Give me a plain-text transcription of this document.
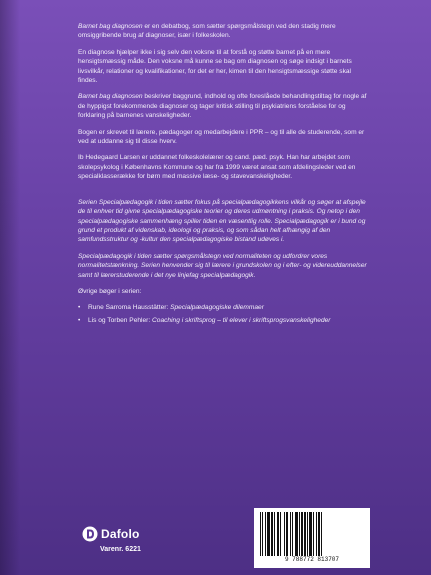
Barnet bag diagnosen er en debatbog, som sætter spørgsmålstegn ved den stadig mere omsiggribende brug af diagnoser, især i folkeskolen.

En diagnose hjælper ikke i sig selv den voksne til at forstå og støtte barnet på en mere hensigtsmæssig måde. Den voksne må kunne se bag om diagnosen og søge indsigt i barnets livsvilkår, relationer og kvalifikationer, for det er her, kimen til den hensigtsmæssige støtte skal findes.

Barnet bag diagnosen beskriver baggrund, indhold og ofte foreslåede behandlingstiltag for nogle af de hyppigst forekommende diagnoser og tager kritisk stilling til psykiatriens forståelse for og forklaring på barnenes vanskeligheder.

Bogen er skrevet til lærere, pædagoger og medarbejdere i PPR – og til alle de studerende, som er ved at uddanne sig til disse hverv.

Ib Hedegaard Larsen er uddannet folkeskolelærer og cand. pæd. psyk. Han har arbejdet som skolepsykolog i Københavns Kommune og har fra 1999 været ansat som afdelingsleder ved en specialklasserække for børn med massive læse- og stavevanskeligheder.

Serien Specialpædagogik i tiden sætter fokus på specialpædagogikkens vilkår og søger at afspejle de til enhver tid givne specialpædagogiske teorier og deres udmøntning i praksis. Og netop i den specialpædagogiske sammenhæng spiller tiden en væsentlig rolle. Specialpædagogik er i bund og grund et produkt af videnskab, ideologi og praksis, og som sådan helt afhængig af den samfundsstruktur og -kultur den specialpædagogiske bistand udøves i.

Specialpædagogik i tiden sætter spørgsmålstegn ved normaliteten og udfordrer vores normalitetstænkning. Serien henvender sig til lærere i grundskolen og i efter- og videreuddannelser samt til lærerstuderende i det nye linjefag specialpædagogik.

Øvrige bøger i serien:

• Rune Sarroma Hausstätter: Specialpædagogiske dilemmaer
• Lis og Torben Pehler: Coaching i skriftsprog – til elever i skriftsprogsvanskeligheder
Dafolo
Varenr. 6221
9 788772 813707
